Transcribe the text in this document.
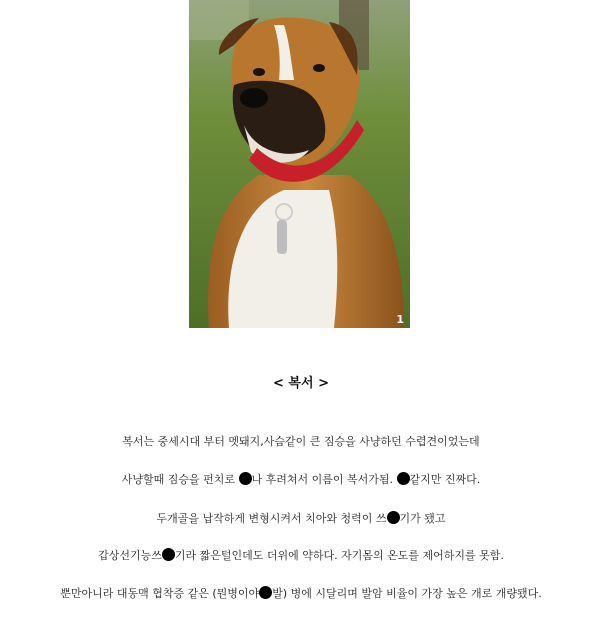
1
< 복서 >
복서는 중세시대 부터 멧돼지,사슴같이 큰 짐승을 사냥하던 수렵견이었는데
사냥할때 짐승을 펀치로 나 후려쳐서 이름이 복서가됨. 같지만 진짜다.
두개골을 납작하게 변형시켜서 치아와 청력이 쓰 기가 됐고
갑상선기능쓰 기라 짧은털인데도 더위에 약하다. 자기몸의 온도를 제어하지를 못함.
뿐만아니라 대동맥 협착증 같은 (뭔병이야 발) 병에 시달리며 발암 비율이 가장 높은 개로 개량됐다.
